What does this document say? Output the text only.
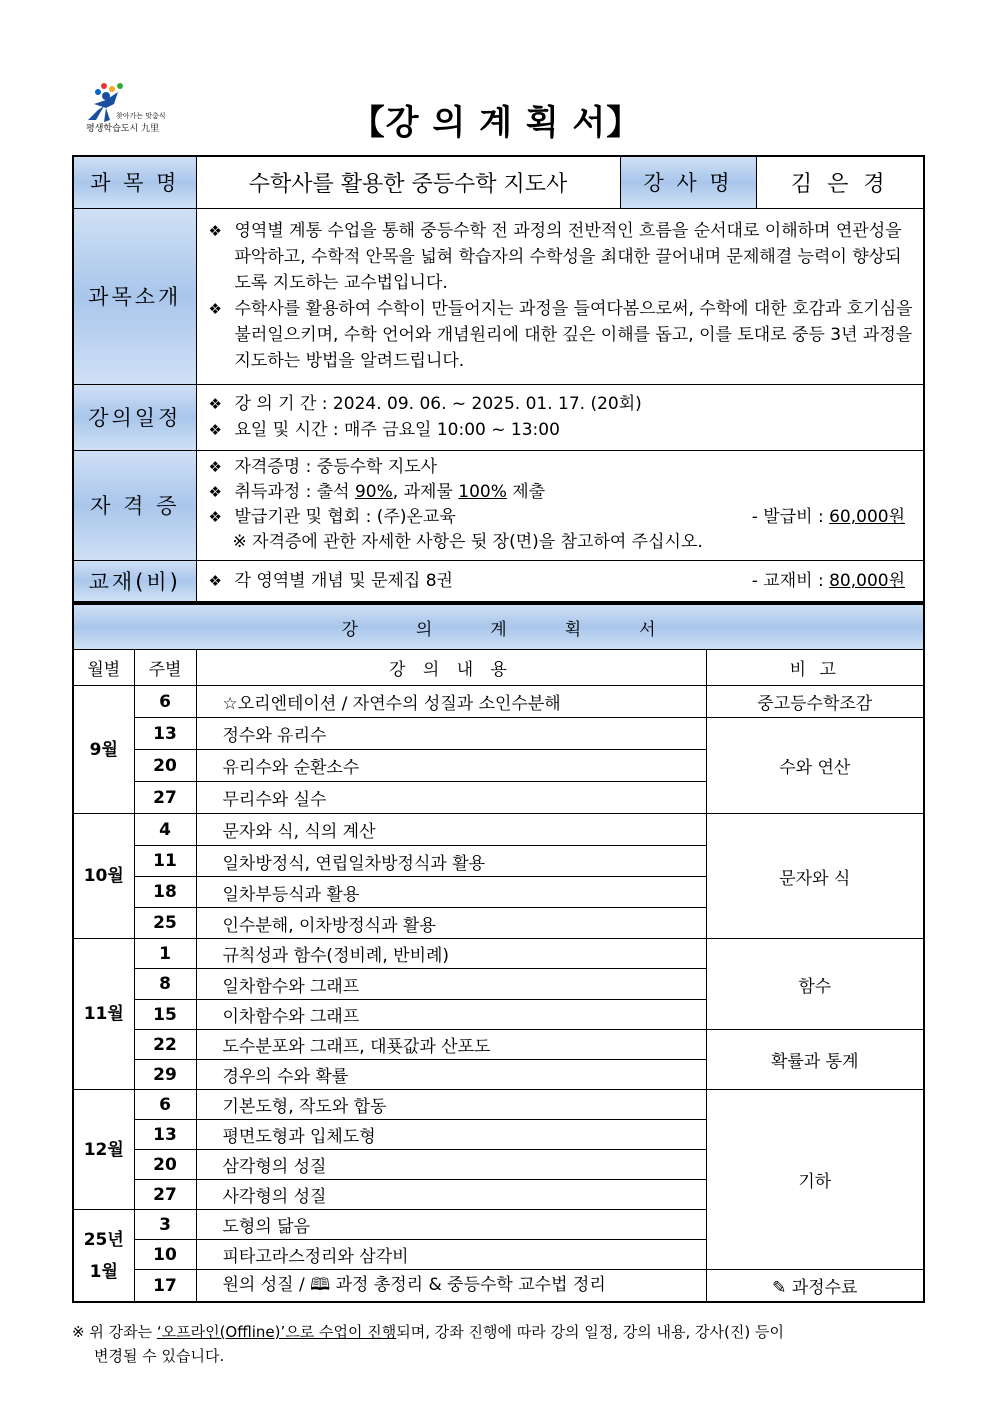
찾아가는 맞춤식
평생학습도시 九里	【강 의 계 획 서】
과 목 명	수학사를 활용한 중등수학 지도사	강 사 명	김 은 경
과목소개	❖ 영역별 계통 수업을 통해 중등수학 전 과정의 전반적인 흐름을 순서대로 이해하며 연관성을 파악하고, 수학적 안목을 넓혀 학습자의 수학성을 최대한 끌어내며 문제해결 능력이 향상되도록 지도하는 교수법입니다.
❖ 수학사를 활용하여 수학이 만들어지는 과정을 들여다봄으로써, 수학에 대한 호감과 호기심을 불러일으키며, 수학 언어와 개념원리에 대한 깊은 이해를 돕고, 이를 토대로 중등 3년 과정을 지도하는 방법을 알려드립니다.

강의일정	❖ 강 의 기 간 : 2024. 09. 06. ~ 2025. 01. 17. (20회)
❖ 요일 및 시간 : 매주 금요일 10:00 ~ 13:00

자 격 증	❖ 자격증명 : 중등수학 지도사
❖ 취득과정 : 출석 90%, 과제물 100% 제출
❖ 발급기관 및 협회 : (주)온교육 - 발급비 : 60,000원
※ 자격증에 관한 자세한 사항은 뒷 장(면)을 참고하여 주십시오.

교재(비)	❖ 각 영역별 개념 및 문제집 8권 - 교재비 : 80,000원
강의계획서			
월별	주별	강 의 내 용	비 고
9월	6	☆오리엔테이션 / 자연수의 성질과 소인수분해	중고등수학조감
	13	정수와 유리수	수와 연산
	20	유리수와 순환소수	
	27	무리수와 실수	
10월	4	문자와 식, 식의 계산	문자와 식
	11	일차방정식, 연립일차방정식과 활용	
	18	일차부등식과 활용	
	25	인수분해, 이차방정식과 활용	
11월	1	규칙성과 함수(정비례, 반비례)	함수
	8	일차함수와 그래프	
	15	이차함수와 그래프	
	22	도수분포와 그래프, 대푯값과 산포도	확률과 통계
	29	경우의 수와 확률	
12월	6	기본도형, 작도와 합동	기하
	13	평면도형과 입체도형	
	20	삼각형의 성질	
	27	사각형의 성질	

25년
1월	3	도형의 닮음	
	10	피타고라스정리와 삼각비	
	17	원의 성질 / 🕮 과정 총정리 & 중등수학 교수법 정리	✎ 과정수료
※ 위 강좌는 ‘오프라인(Offline)’으로 수업이 진행되며, 강좌 진행에 따라 강의 일정, 강의 내용, 강사(진) 등이
변경될 수 있습니다.
